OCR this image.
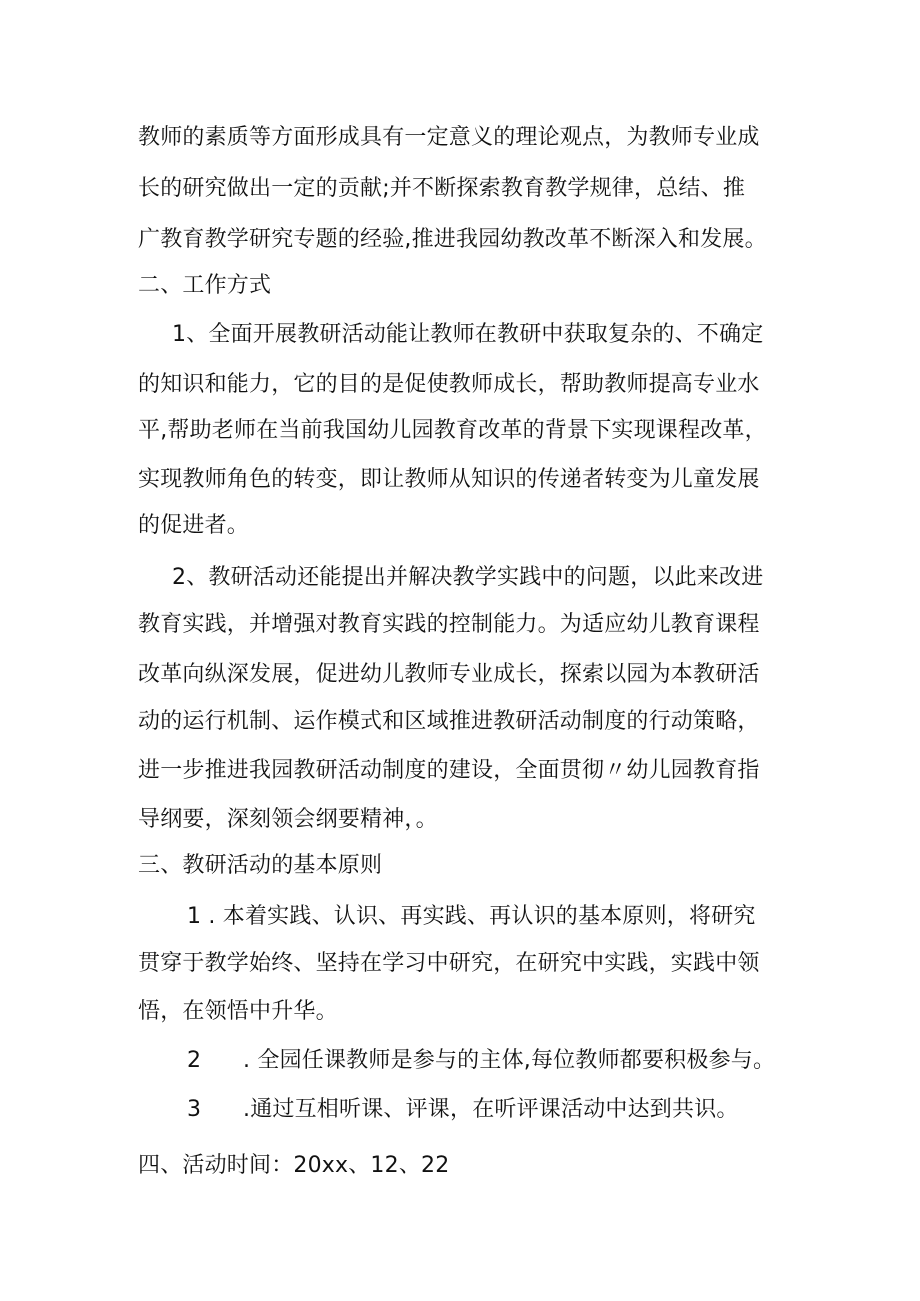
教师的素质等方面形成具有一定意义的理论观点，为教师专业成
长的研究做出一定的贡献;并不断探索教育教学规律，总结、推
广教育教学研究专题的经验,推进我园幼教改革不断深入和发展。
二、工作方式
1、全面开展教研活动能让教师在教研中获取复杂的、不确定
的知识和能力，它的目的是促使教师成长，帮助教师提高专业水
平,帮助老师在当前我国幼儿园教育改革的背景下实现课程改革，
实现教师角色的转变，即让教师从知识的传递者转变为儿童发展
的促进者。
2、教研活动还能提出并解决教学实践中的问题，以此来改进
教育实践，并增强对教育实践的控制能力。为适应幼儿教育课程
改革向纵深发展，促进幼儿教师专业成长，探索以园为本教研活
动的运行机制、运作模式和区域推进教研活动制度的行动策略，
进一步推进我园教研活动制度的建设，全面贯彻〃幼儿园教育指
导纲要，深刻领会纲要精神，。
三、教研活动的基本原则
1 . 本着实践、认识、再实践、再认识的基本原则，将研究
贯穿于教学始终、坚持在学习中研究，在研究中实践，实践中领
悟，在领悟中升华。
2 . 全园任课教师是参与的主体,每位教师都要积极参与。
3 .通过互相听课、评课，在听评课活动中达到共识。
四、活动时间：20xx、12、22
